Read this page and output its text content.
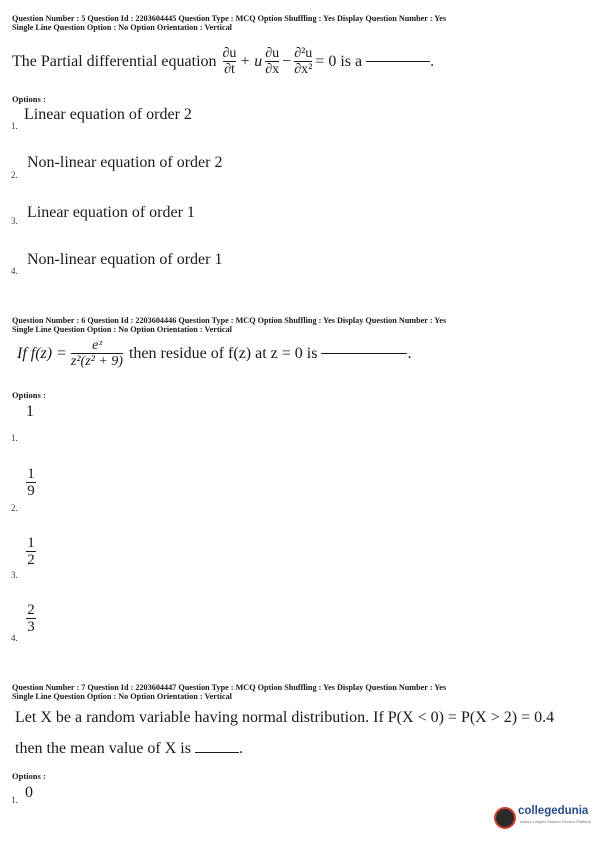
Question Number : 5 Question Id : 2203604445 Question Type : MCQ Option Shuffling : Yes Display Question Number : Yes
Single Line Question Option : No Option Orientation : Vertical
The Partial differential equation $\frac{\partial u}{\partial t} + u \frac{\partial u}{\partial x} - \frac{\text{∂²u}}{\text{∂x²}} = 0$ is a	.
Options :
1.
Linear equation of order 2
2.
Non-linear equation of order 2
3. Linear equation of order 1
4.
Non-linear equation of order 1
Question Number : 6 Question Id : 2203604446 Question Type : MCQ Option Shuffling : Yes Display Question Number : Yes
Single Line Question Option : No Option Orientation : Vertical
If $f(z) = \frac{\text{eᶻ}}{\text{z²(z² + 9)}}$ then residue of f(z) at z = 0 is	.
Options :
1
1.
1
9
2.
1
2
3.
2
3
4.
Question Number : 7 Question Id : 2203604447 Question Type : MCQ Option Shuffling : Yes Display Question Number : Yes
Single Line Question Option : No Option Orientation : Vertical
Let X be a random variable having normal distribution. If P(X < 0) = P(X > 2) = 0.4
then the mean value of X is	.
Options :
1. 0
collegedunia
India's Largest Student Review Platform
